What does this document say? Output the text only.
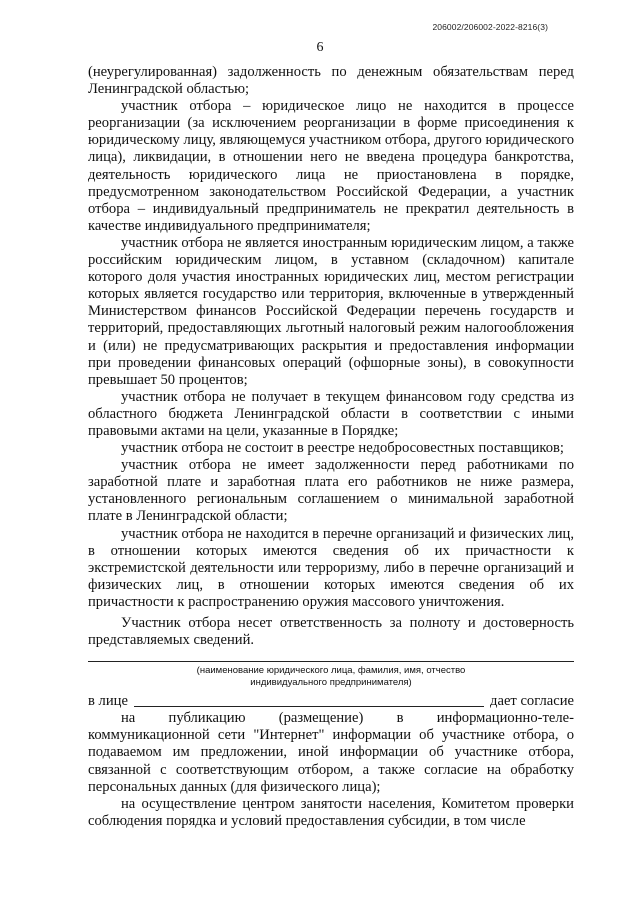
206002/206002-2022-8216(3)
6

(неурегулированная) задолженность по денежным обязательствам перед Ленинградской областью;

участник отбора – юридическое лицо не находится в процессе реорганизации (за исключением реорганизации в форме присоединения к юридическому лицу, являющемуся участником отбора, другого юридического лица), ликвидации, в отношении него не введена процедура банкротства, деятельность юридического лица не приостановлена в порядке, предусмотренном законодательством Российской Федерации, а участник отбора – индивидуальный предприниматель не прекратил деятельность в качестве индивидуального предпринимателя;

участник отбора не является иностранным юридическим лицом, а также российским юридическим лицом, в уставном (складочном) капитале которого доля участия иностранных юридических лиц, местом регистрации которых является государство или территория, включенные в утвержденный Министерством финансов Российской Федерации перечень государств и территорий, предоставляющих льготный налоговый режим налогообложения и (или) не предусматривающих раскрытия и предоставления информации при проведении финансовых операций (офшорные зоны), в совокупности превышает 50 процентов;

участник отбора не получает в текущем финансовом году средства из областного бюджета Ленинградской области в соответствии с иными правовыми актами на цели, указанные в Порядке;

участник отбора не состоит в реестре недобросовестных поставщиков;

участник отбора не имеет задолженности перед работниками по заработной плате и заработная плата его работников не ниже размера, установленного региональным соглашением о минимальной заработной плате в Ленинградской области;

участник отбора не находится в перечне организаций и физических лиц, в отношении которых имеются сведения об их причастности к экстремистской деятельности или терроризму, либо в перечне организаций и физических лиц, в отношении которых имеются сведения об их причастности к распространению оружия массового уничтожения.

Участник отбора несет ответственность за полноту и достоверность представляемых сведений.

(наименование юридического лица, фамилия, имя, отчество
индивидуального предпринимателя)
в лице	дает согласие
на публикацию (размещение) в информационно-теле-

коммуникационной сети "Интернет" информации об участнике отбора, о подаваемом им предложении, иной информации об участнике отбора, связанной с соответствующим отбором, а также согласие на обработку персональных данных (для физического лица);

на осуществление центром занятости населения, Комитетом проверки соблюдения порядка и условий предоставления субсидии, в том числе
